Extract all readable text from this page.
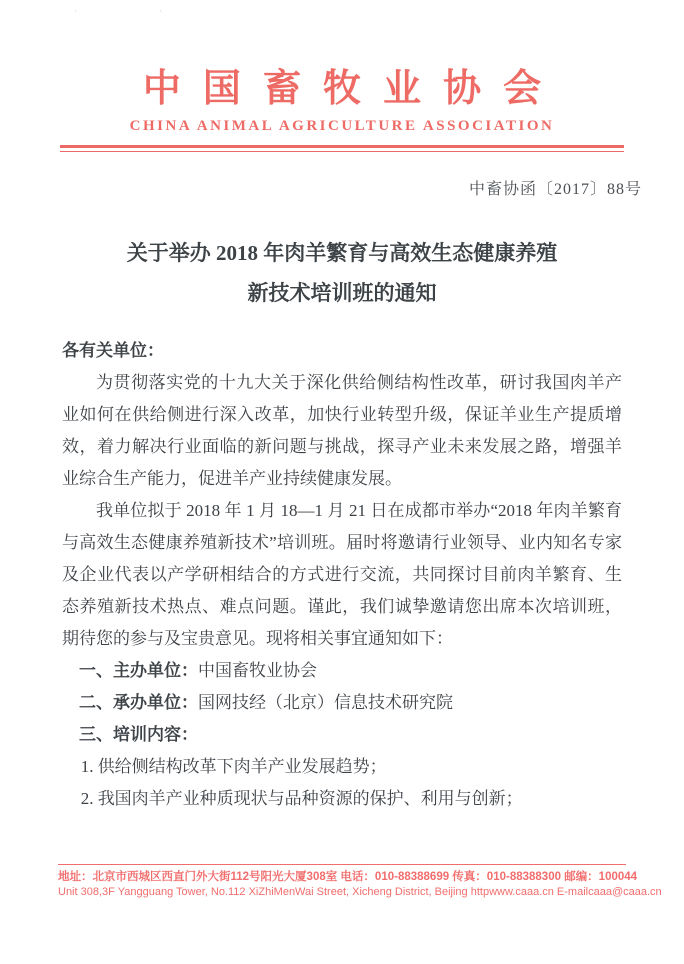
· ·
中国畜牧业协会
CHINA ANIMAL AGRICULTURE ASSOCIATION
中畜协函〔2017〕88号
关于举办 2018 年肉羊繁育与高效生态健康养殖
新技术培训班的通知
各有关单位：

为贯彻落实党的十九大关于深化供给侧结构性改革，研讨我国肉羊产业如何在供给侧进行深入改革，加快行业转型升级，保证羊业生产提质增效，着力解决行业面临的新问题与挑战，探寻产业未来发展之路，增强羊业综合生产能力，促进羊产业持续健康发展。

我单位拟于 2018 年 1 月 18—1 月 21 日在成都市举办“2018 年肉羊繁育与高效生态健康养殖新技术”培训班。届时将邀请行业领导、业内知名专家及企业代表以产学研相结合的方式进行交流，共同探讨目前肉羊繁育、生态养殖新技术热点、难点问题。谨此，我们诚挚邀请您出席本次培训班，期待您的参与及宝贵意见。现将相关事宜通知如下：

一、主办单位：中国畜牧业协会
二、承办单位：国网技经（北京）信息技术研究院
三、培训内容：
1. 供给侧结构改革下肉羊产业发展趋势；
2. 我国肉羊产业种质现状与品种资源的保护、利用与创新；
地址：北京市西城区西直门外大街112号阳光大厦308室 电话：010-88388699 传真：010-88388300 邮编：100044
Unit 308,3F Yangguang Tower, No.112 XiZhiMenWai Street, Xicheng District, Beijing httpwww.caaa.cn E-mailcaaa@caaa.cn
